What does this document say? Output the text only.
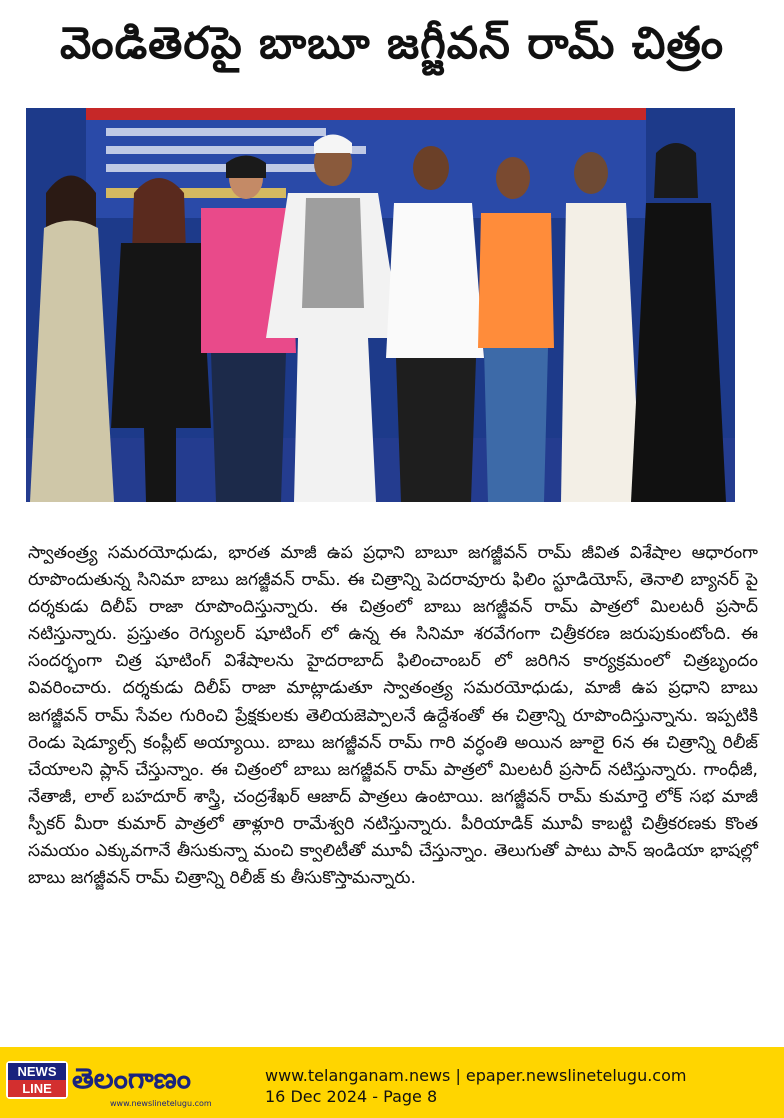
వెండితెరపై బాబూ జగ్జీవన్ రామ్ చిత్రం

స్వాతంత్ర్య సమరయోధుడు, భారత మాజీ ఉప ప్రధాని బాబూ జగజ్జీవన్ రామ్ జీవిత విశేషాల ఆధారంగా రూపొందుతున్న సినిమా బాబు జగజ్జీవన్ రామ్. ఈ చిత్రాన్ని పెదరావూరు ఫిలిం స్టూడియోస్, తెనాలి బ్యానర్ పై దర్శకుడు దిలీప్ రాజా రూపొందిస్తున్నారు. ఈ చిత్రంలో బాబు జగజ్జీవన్ రామ్ పాత్రలో మిలటరీ ప్రసాద్ నటిస్తున్నారు. ప్రస్తుతం రెగ్యులర్ షూటింగ్ లో ఉన్న ఈ సినిమా శరవేగంగా చిత్రీకరణ జరుపుకుంటోంది. ఈ సందర్భంగా చిత్ర షూటింగ్ విశేషాలను హైదరాబాద్ ఫిలించాంబర్ లో జరిగిన కార్యక్రమంలో చిత్రబృందం వివరించారు. దర్శకుడు దిలీప్ రాజా మాట్లాడుతూ స్వాతంత్ర్య సమరయోధుడు, మాజీ ఉప ప్రధాని బాబు జగజ్జీవన్ రామ్ సేవల గురించి ప్రేక్షకులకు తెలియజెప్పాలనే ఉద్దేశంతో ఈ చిత్రాన్ని రూపొందిస్తున్నాను. ఇప్పటికి రెండు షెడ్యూల్స్ కంప్లీట్ అయ్యాయి. బాబు జగజ్జీవన్ రామ్ గారి వర్ధంతి అయిన జూలై 6న ఈ చిత్రాన్ని రిలీజ్ చేయాలని ప్లాన్ చేస్తున్నాం. ఈ చిత్రంలో బాబు జగజ్జీవన్ రామ్ పాత్రలో మిలటరీ ప్రసాద్ నటిస్తున్నారు. గాంధీజీ, నేతాజీ, లాల్ బహదూర్ శాస్త్రి, చంద్రశేఖర్ ఆజాద్ పాత్రలు ఉంటాయి. జగజ్జీవన్ రామ్ కుమార్తె లోక్ సభ మాజీ స్పీకర్ మీరా కుమార్ పాత్రలో తాళ్లూరి రామేశ్వరి నటిస్తున్నారు. పీరియాడిక్ మూవీ కాబట్టి చిత్రీకరణకు కొంత సమయం ఎక్కువగానే తీసుకున్నా మంచి క్వాలిటీతో మూవీ చేస్తున్నాం. తెలుగుతో పాటు పాన్ ఇండియా భాషల్లో బాబు జగజ్జీవన్ రామ్ చిత్రాన్ని రిలీజ్ కు తీసుకొస్తామన్నారు.

NEWS
LINE తెలంగాణం

www.newslinetelugu.com

www.telanganam.news | epaper.newslinetelugu.com

16 Dec 2024 - Page 8
